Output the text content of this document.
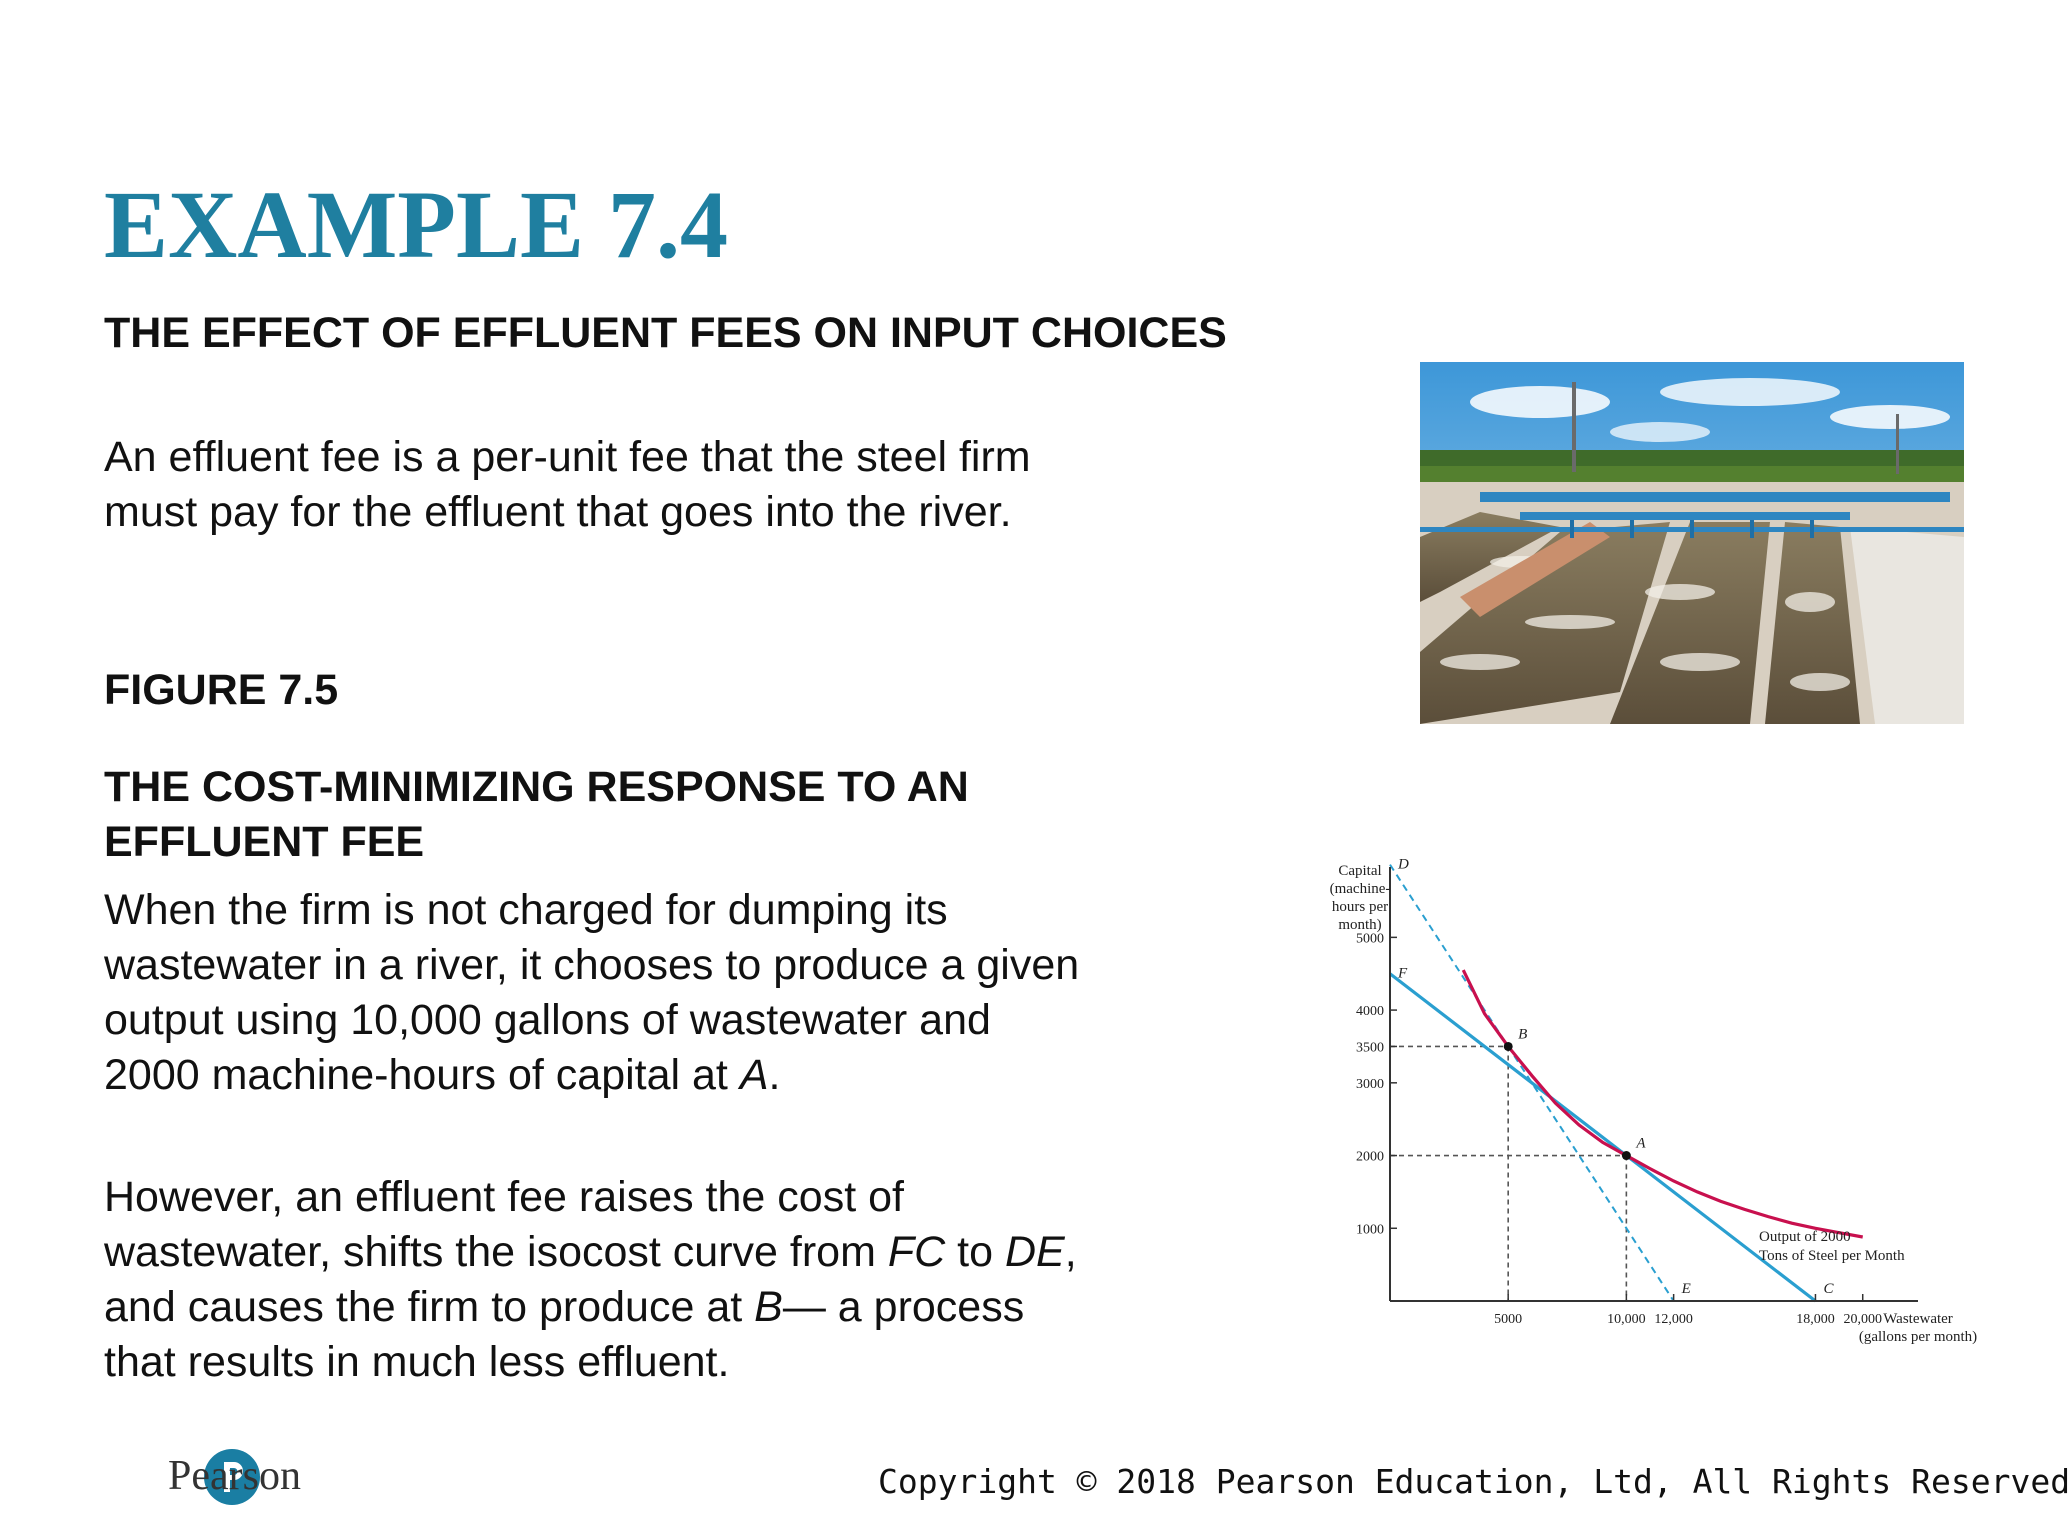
EXAMPLE 7.4
THE EFFECT OF EFFLUENT FEES ON INPUT CHOICES

An effluent fee is a per-unit fee that the steel firm must pay for the effluent that goes into the river.

FIGURE 7.5
THE COST-MINIMIZING RESPONSE TO AN EFFLUENT FEE

When the firm is not charged for dumping its wastewater in a river, it chooses to produce a given output using 10,000 gallons of wastewater and 2000 machine-hours of capital at A.

However, an effluent fee raises the cost of wastewater, shifts the isocost curve from FC to DE, and causes the firm to produce at B— a process that results in much less effluent.

1000
2000
3000
3500
4000
5000
5000	10,000 12,000	18,000 20,000
F
C
D
E
A
B
Capital
(machine-
hours per
month)
Wastewater
(gallons per month)
Output of 2000
Tons of Steel per Month
Pearson	Copyright © 2018 Pearson Education, Ltd, All Rights Reserved
